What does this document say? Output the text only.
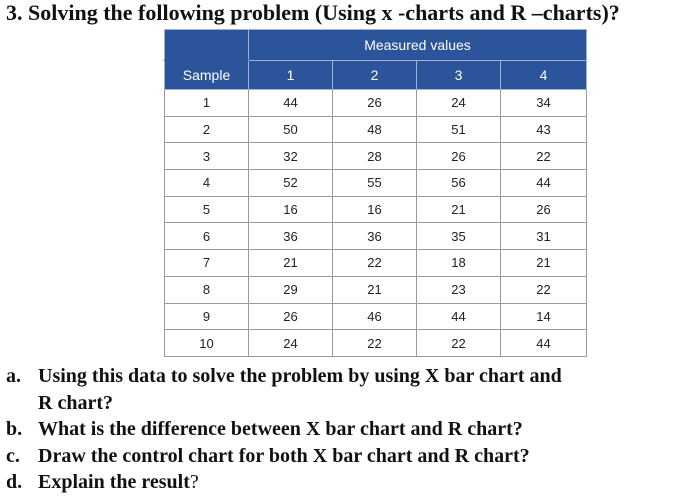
3. Solving the following problem (Using x -charts and R –charts)?
	Measured values			
Sample	1	2	3	4
1	44	26	24	34
2	50	48	51	43
3	32	28	26	22
4	52	55	56	44
5	16	16	21	26
6	36	36	35	31
7	21	22	18	21
8	29	21	23	22
9	26	46	44	14
10	24	22	22	44
a. Using this data to solve the problem by using X bar chart and
R chart?
b. What is the difference between X bar chart and R chart?
c. Draw the control chart for both X bar chart and R chart?
d. Explain the result?
